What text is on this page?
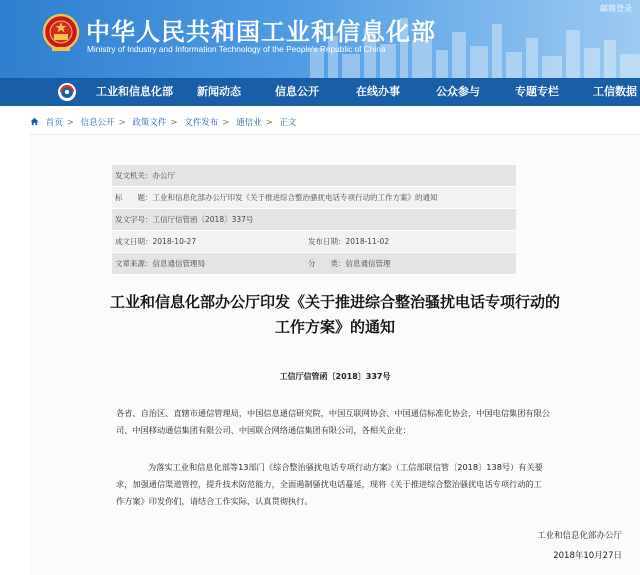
中华人民共和国工业和信息化部
Ministry of Industry and Information Technology of the People's Republic of China
邮箱登录
工业和信息化部 新闻动态	信息公开	在线办事	公众参与	专题专栏	工信数据
首页 > 信息公开 > 政策文件 > 文件发布 > 通信业 > 正文
发文机关：办公厅
标　　题：工业和信息化部办公厅印发《关于推进综合整治骚扰电话专项行动的工作方案》的通知
发文字号：工信厅信管函〔2018〕337号
成文日期：2018-10-27	发布日期：2018-11-02
文章来源：信息通信管理局	分　　类：信息通信管理
工业和信息化部办公厅印发《关于推进综合整治骚扰电话专项行动的
工作方案》的通知
工信厅信管函〔2018〕337号
各省、自治区、直辖市通信管理局，中国信息通信研究院，中国互联网协会、中国通信标准化协会，中国电信集团有限公司、中国移动通信集团有限公司、中国联合网络通信集团有限公司，各相关企业：
为落实工业和信息化部等13部门《综合整治骚扰电话专项行动方案》（工信部联信管〔2018〕138号）有关要求，加强通信渠道管控，提升技术防范能力，全面遏制骚扰电话蔓延，现将《关于推进综合整治骚扰电话专项行动的工作方案》印发你们，请结合工作实际，认真贯彻执行。
工业和信息化部办公厅
2018年10月27日
